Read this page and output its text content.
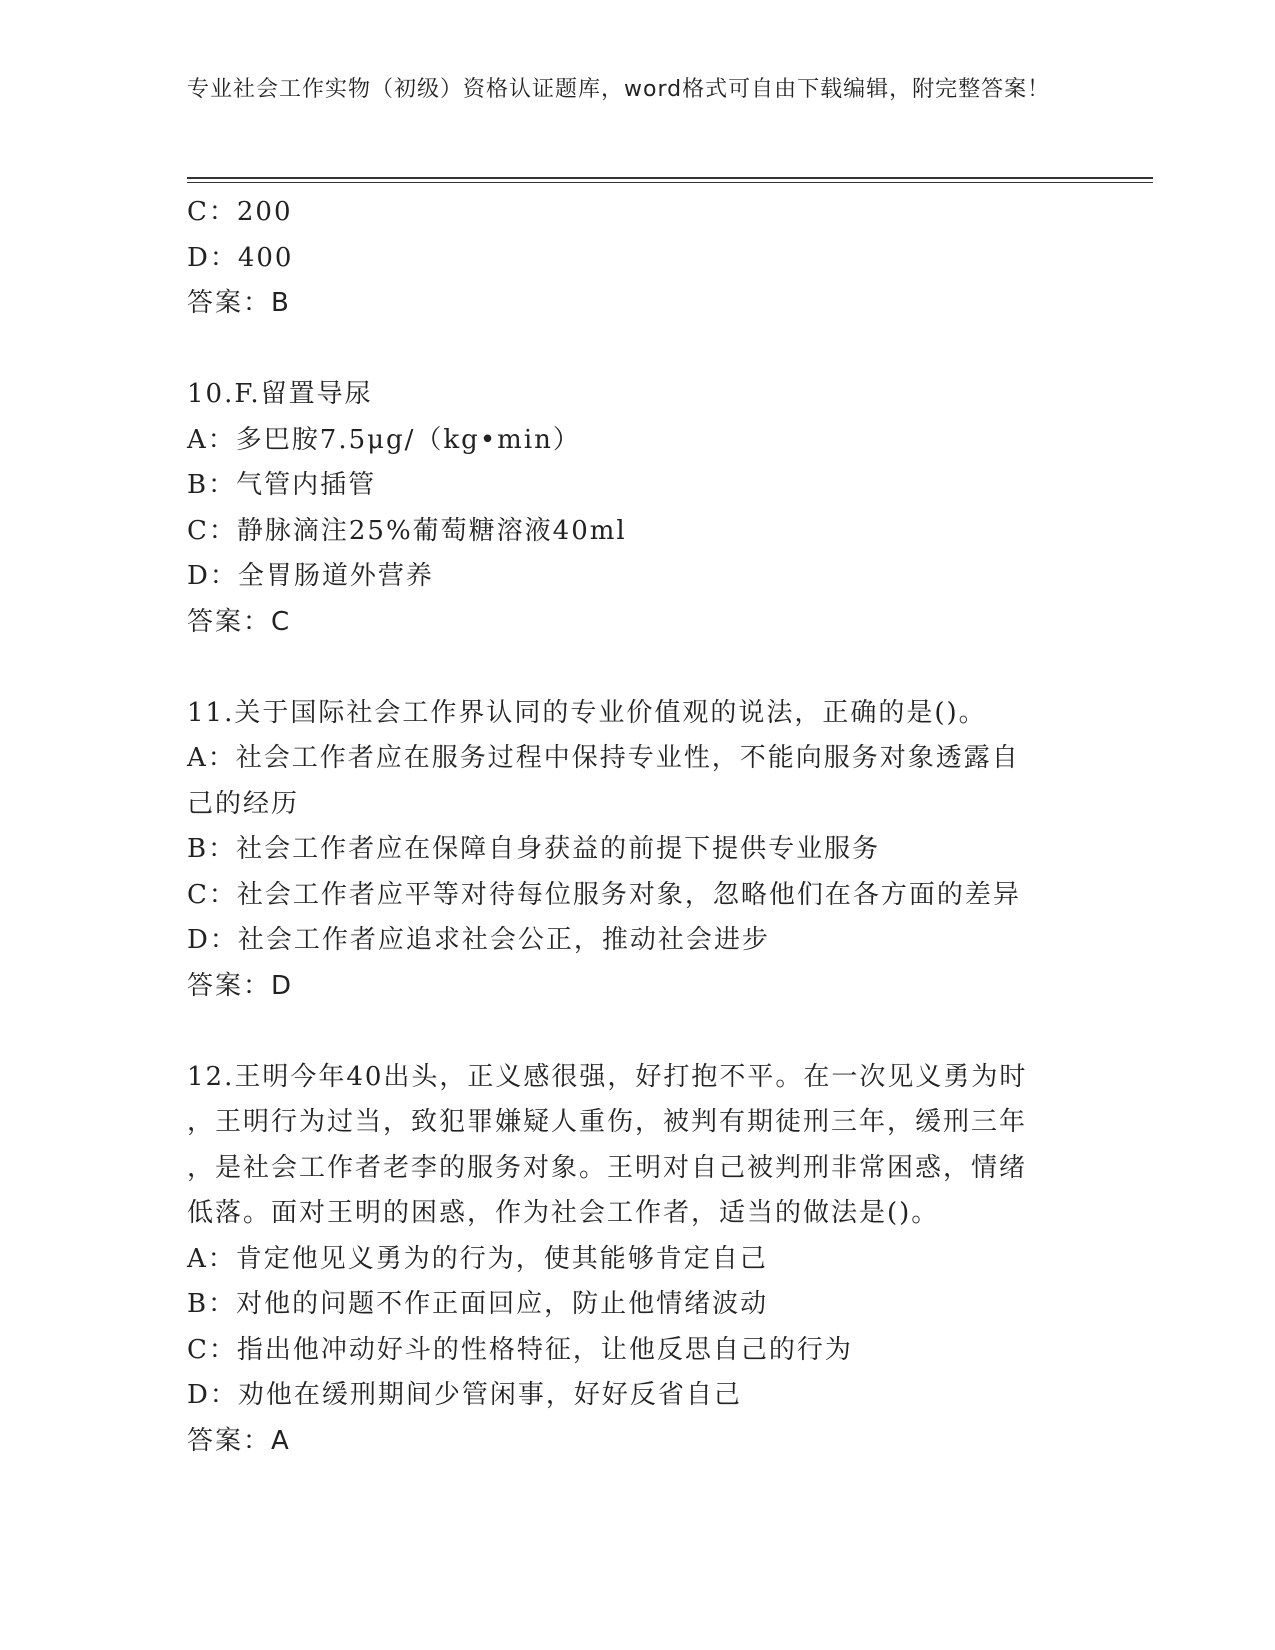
专业社会工作实物（初级）资格认证题库，word格式可自由下载编辑，附完整答案！
C：200
D：400
答案：B
10.F.留置导尿
A：多巴胺7.5μg/（kg•min）
B：气管内插管
C：静脉滴注25%葡萄糖溶液40ml
D：全胃肠道外营养
答案：C
11.关于国际社会工作界认同的专业价值观的说法，正确的是()。
A：社会工作者应在服务过程中保持专业性，不能向服务对象透露自己的经历
B：社会工作者应在保障自身获益的前提下提供专业服务
C：社会工作者应平等对待每位服务对象，忽略他们在各方面的差异
D：社会工作者应追求社会公正，推动社会进步
答案：D
12.王明今年40出头，正义感很强，好打抱不平。在一次见义勇为时
，王明行为过当，致犯罪嫌疑人重伤，被判有期徒刑三年，缓刑三年
，是社会工作者老李的服务对象。王明对自己被判刑非常困惑，情绪
低落。面对王明的困惑，作为社会工作者，适当的做法是()。
A：肯定他见义勇为的行为，使其能够肯定自己
B：对他的问题不作正面回应，防止他情绪波动
C：指出他冲动好斗的性格特征，让他反思自己的行为
D：劝他在缓刑期间少管闲事，好好反省自己
答案：A
